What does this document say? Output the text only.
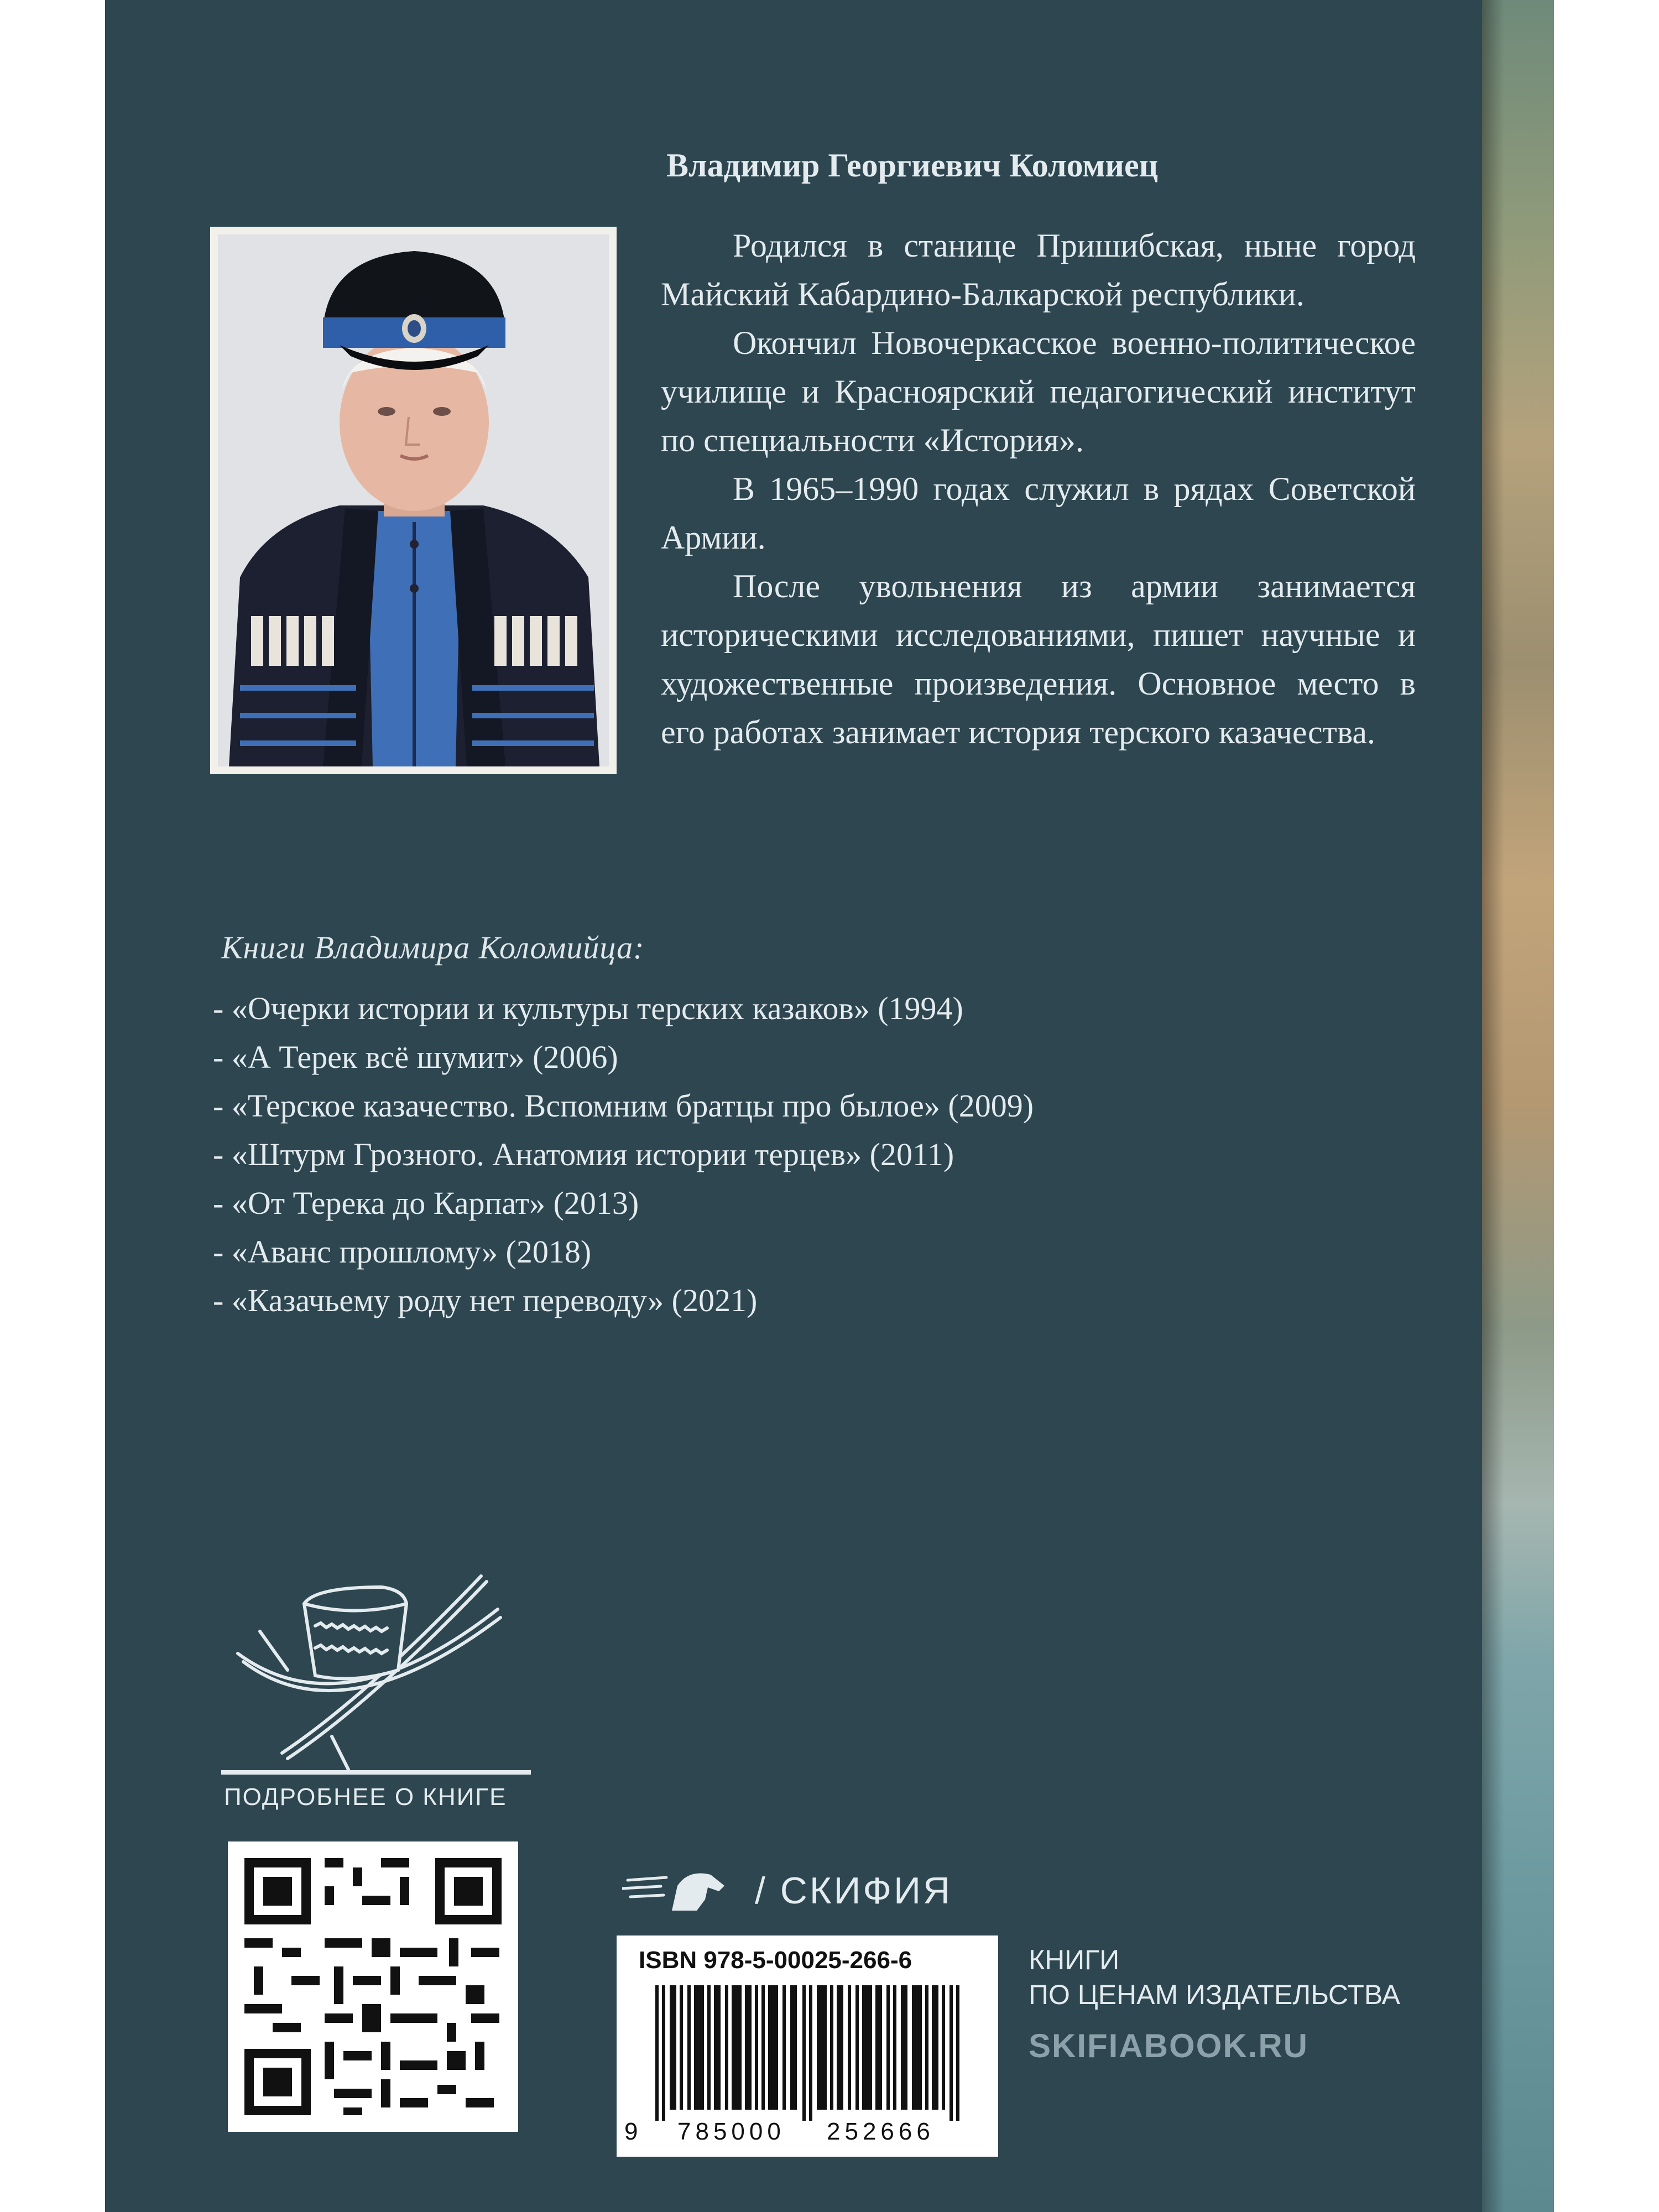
Владимир Георгиевич Коломиец

Родился в станице Пришибская, ныне город Майский Кабардино-Балкарской республики.

Окончил Новочеркасское военно-политическое училище и Красноярский педагогический институт по специальности «История».

В 1965–1990 годах служил в рядах Советской Армии.

После увольнения из армии занимается историческими исследованиями, пишет научные и художественные произведения. Основное место в его работах занимает история терского казачества.

Книги Владимира Коломийца:
- «Очерки истории и культуры терских казаков» (1994)
- «А Терек всё шумит» (2006)
- «Терское казачество. Вспомним братцы про былое» (2009)
- «Штурм Грозного. Анатомия истории терцев» (2011)
- «От Терека до Карпат» (2013)
- «Аванс прошлому» (2018)
- «Казачьему роду нет переводу» (2021)
ПОДРОБНЕЕ О КНИГЕ
/ СКИФИЯ
ISBN 978-5-00025-266-6
9 785000 252666
КНИГИ
ПО ЦЕНАМ ИЗДАТЕЛЬСТВА
SKIFIABOOK.RU
